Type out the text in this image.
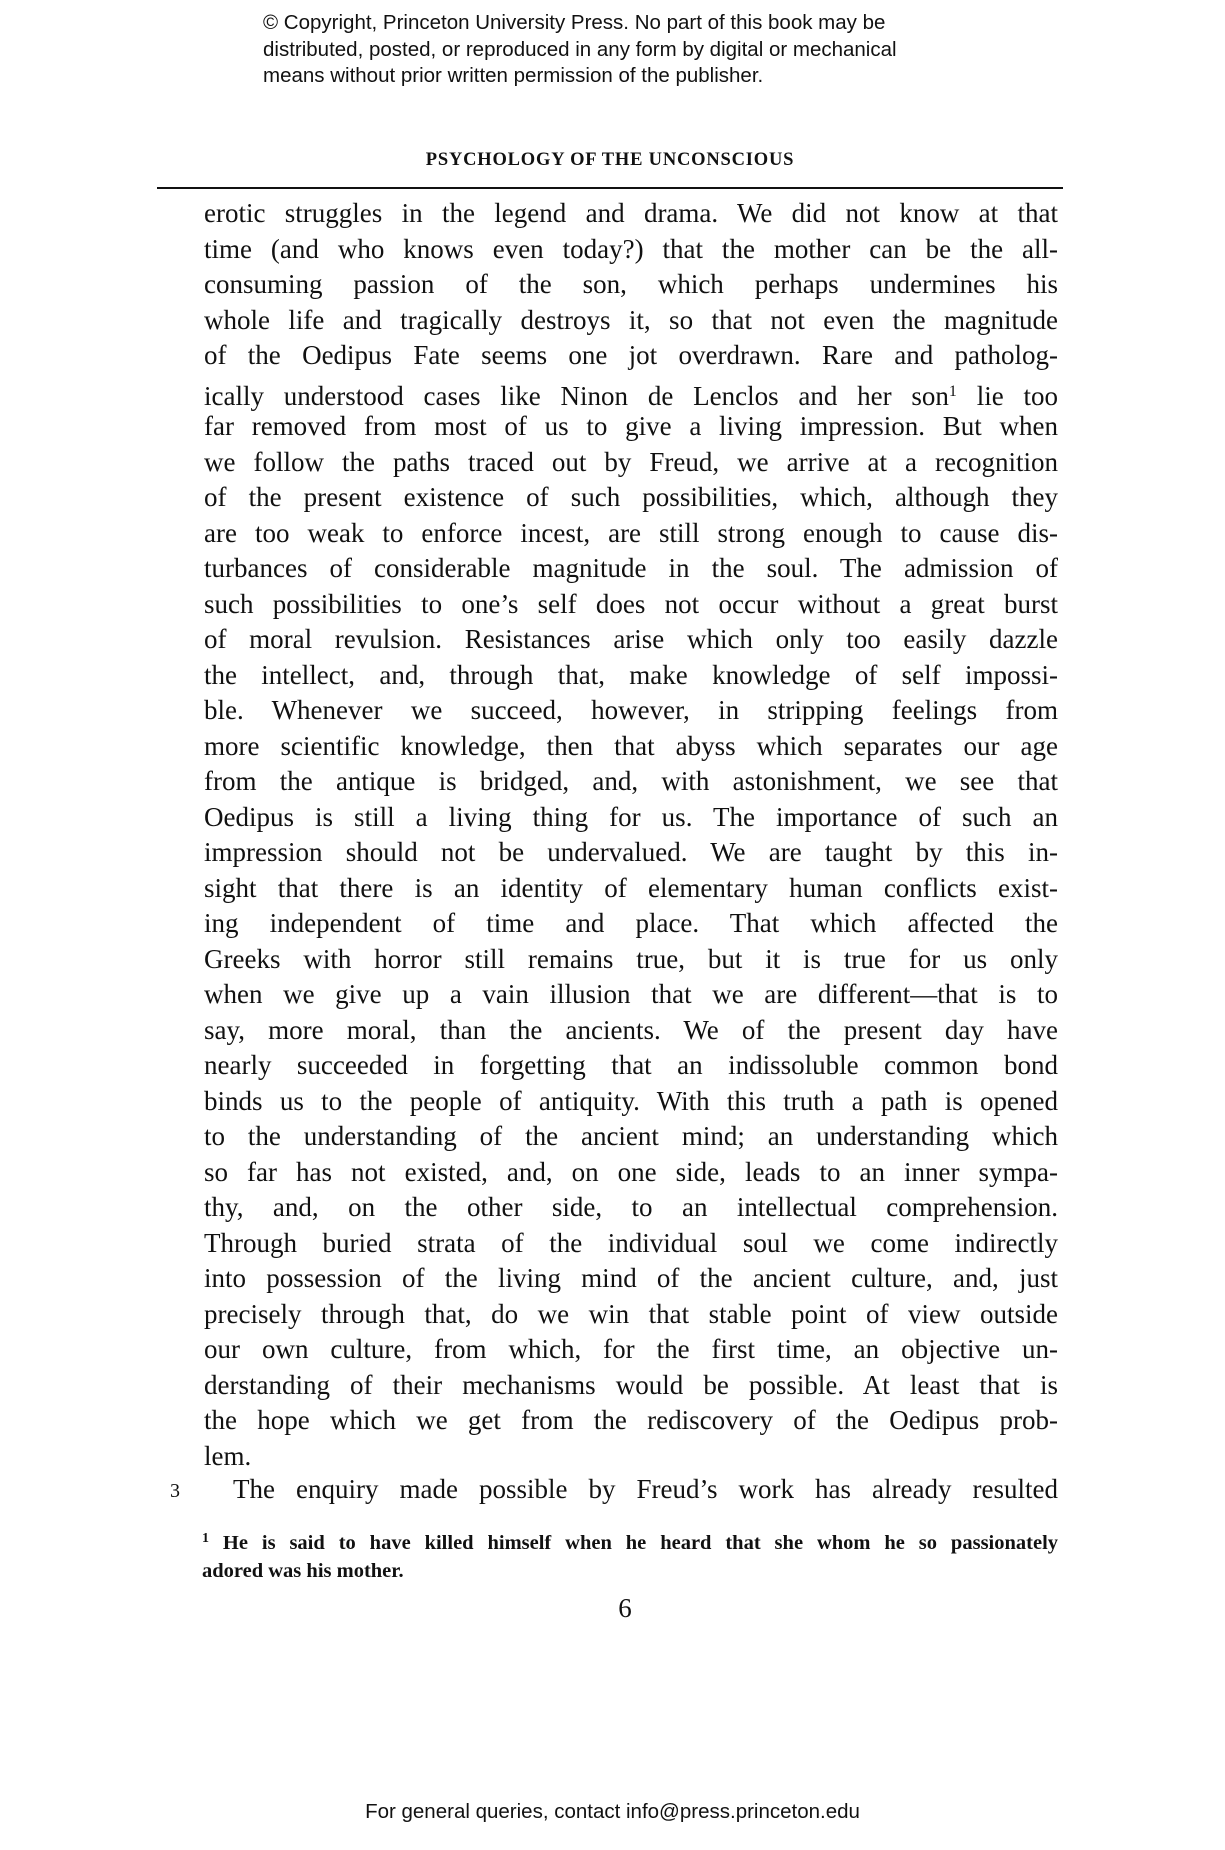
© Copyright, Princeton University Press. No part of this book may be
distributed, posted, or reproduced in any form by digital or mechanical
means without prior written permission of the publisher.
PSYCHOLOGY OF THE UNCONSCIOUS
erotic struggles in the legend and drama. We did not know at that
time (and who knows even today?) that the mother can be the all-
consuming passion of the son, which perhaps undermines his
whole life and tragically destroys it, so that not even the magnitude
of the Oedipus Fate seems one jot overdrawn. Rare and patholog-
ically understood cases like Ninon de Lenclos and her son$^1$ lie too
far removed from most of us to give a living impression. But when
we follow the paths traced out by Freud, we arrive at a recognition
of the present existence of such possibilities, which, although they
are too weak to enforce incest, are still strong enough to cause dis-
turbances of considerable magnitude in the soul. The admission of
such possibilities to one’s self does not occur without a great burst
of moral revulsion. Resistances arise which only too easily dazzle
the intellect, and, through that, make knowledge of self impossi-
ble. Whenever we succeed, however, in stripping feelings from
more scientific knowledge, then that abyss which separates our age
from the antique is bridged, and, with astonishment, we see that
Oedipus is still a living thing for us. The importance of such an
impression should not be undervalued. We are taught by this in-
sight that there is an identity of elementary human conflicts exist-
ing independent of time and place. That which affected the
Greeks with horror still remains true, but it is true for us only
when we give up a vain illusion that we are different—that is to
say, more moral, than the ancients. We of the present day have
nearly succeeded in forgetting that an indissoluble common bond
binds us to the people of antiquity. With this truth a path is opened
to the understanding of the ancient mind; an understanding which
so far has not existed, and, on one side, leads to an inner sympa-
thy, and, on the other side, to an intellectual comprehension.
Through buried strata of the individual soul we come indirectly
into possession of the living mind of the ancient culture, and, just
precisely through that, do we win that stable point of view outside
our own culture, from which, for the first time, an objective un-
derstanding of their mechanisms would be possible. At least that is
the hope which we get from the rediscovery of the Oedipus prob-
lem.
3 The enquiry made possible by Freud’s work has already resulted
$^1$ He is said to have killed himself when he heard that she whom he so passionately
adored was his mother.
6
For general queries, contact info@press.princeton.edu
